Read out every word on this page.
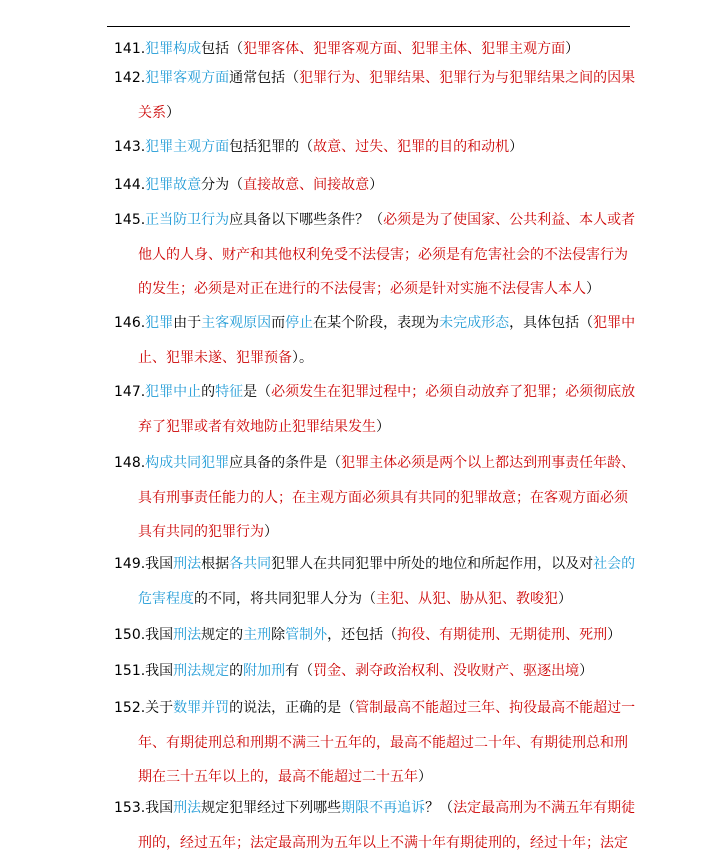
141.犯罪构成包括（犯罪客体、犯罪客观方面、犯罪主体、犯罪主观方面）
142.犯罪客观方面通常包括（犯罪行为、犯罪结果、犯罪行为与犯罪结果之间的因果
关系）
143.犯罪主观方面包括犯罪的（故意、过失、犯罪的目的和动机）
144.犯罪故意分为（直接故意、间接故意）
145.正当防卫行为应具备以下哪些条件？（必须是为了使国家、公共利益、本人或者
他人的人身、财产和其他权利免受不法侵害；必须是有危害社会的不法侵害行为
的发生；必须是对正在进行的不法侵害；必须是针对实施不法侵害人本人）
146.犯罪由于主客观原因而停止在某个阶段，表现为未完成形态，具体包括（犯罪中
止、犯罪未遂、犯罪预备）。
147.犯罪中止的特征是（必须发生在犯罪过程中；必须自动放弃了犯罪；必须彻底放
弃了犯罪或者有效地防止犯罪结果发生）
148.构成共同犯罪应具备的条件是（犯罪主体必须是两个以上都达到刑事责任年龄、
具有刑事责任能力的人；在主观方面必须具有共同的犯罪故意；在客观方面必须
具有共同的犯罪行为）
149.我国刑法根据各共同犯罪人在共同犯罪中所处的地位和所起作用，以及对社会的
危害程度的不同，将共同犯罪人分为（主犯、从犯、胁从犯、教唆犯）
150.我国刑法规定的主刑除管制外，还包括（拘役、有期徒刑、无期徒刑、死刑）
151.我国刑法规定的附加刑有（罚金、剥夺政治权利、没收财产、驱逐出境）
152.关于数罪并罚的说法，正确的是（管制最高不能超过三年、拘役最高不能超过一
年、有期徒刑总和刑期不满三十五年的，最高不能超过二十年、有期徒刑总和刑
期在三十五年以上的，最高不能超过二十五年）
153.我国刑法规定犯罪经过下列哪些期限不再追诉？（法定最高刑为不满五年有期徒
刑的，经过五年；法定最高刑为五年以上不满十年有期徒刑的，经过十年；法定
